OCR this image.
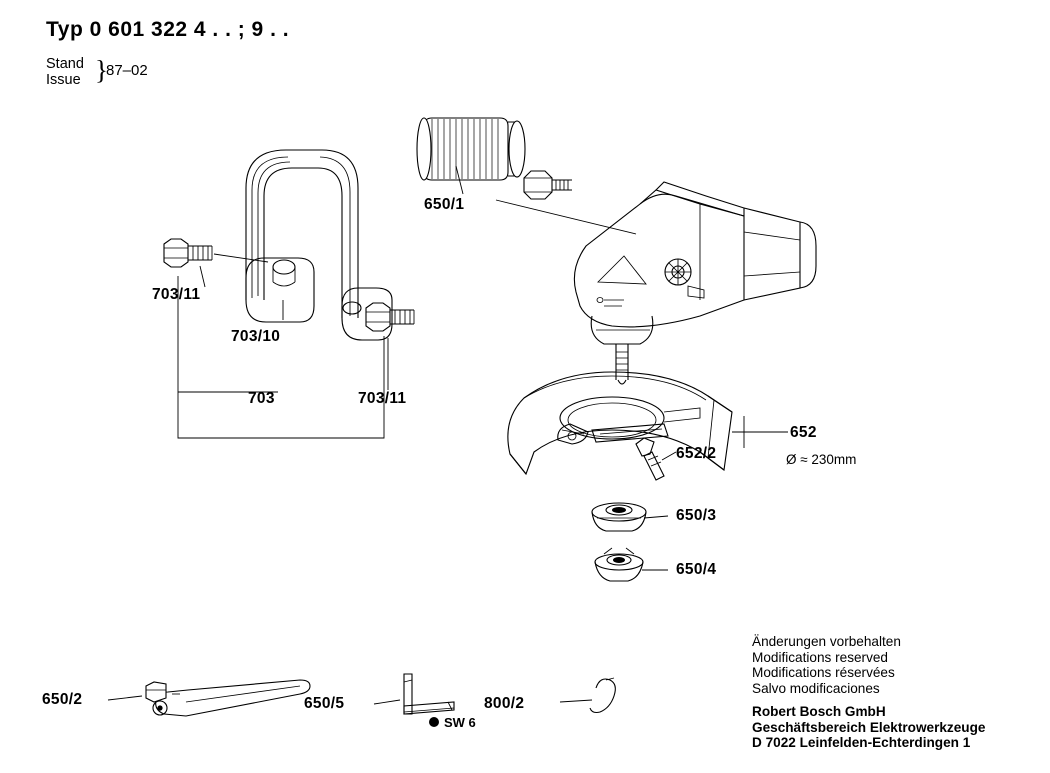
Typ 0 601 322 4 . . ; 9 . .
Stand
Issue }
87–02
650/1
703/11
703/10
703	703/11
652
Ø ≈ 230mm
652/2
650/3
650/4
650/2	650/5
SW 6
800/2
Änderungen vorbehalten
Modifications reserved
Modifications réservées
Salvo modificaciones
Robert Bosch GmbH
Geschäftsbereich Elektrowerkzeuge
D 7022 Leinfelden-Echterdingen 1
